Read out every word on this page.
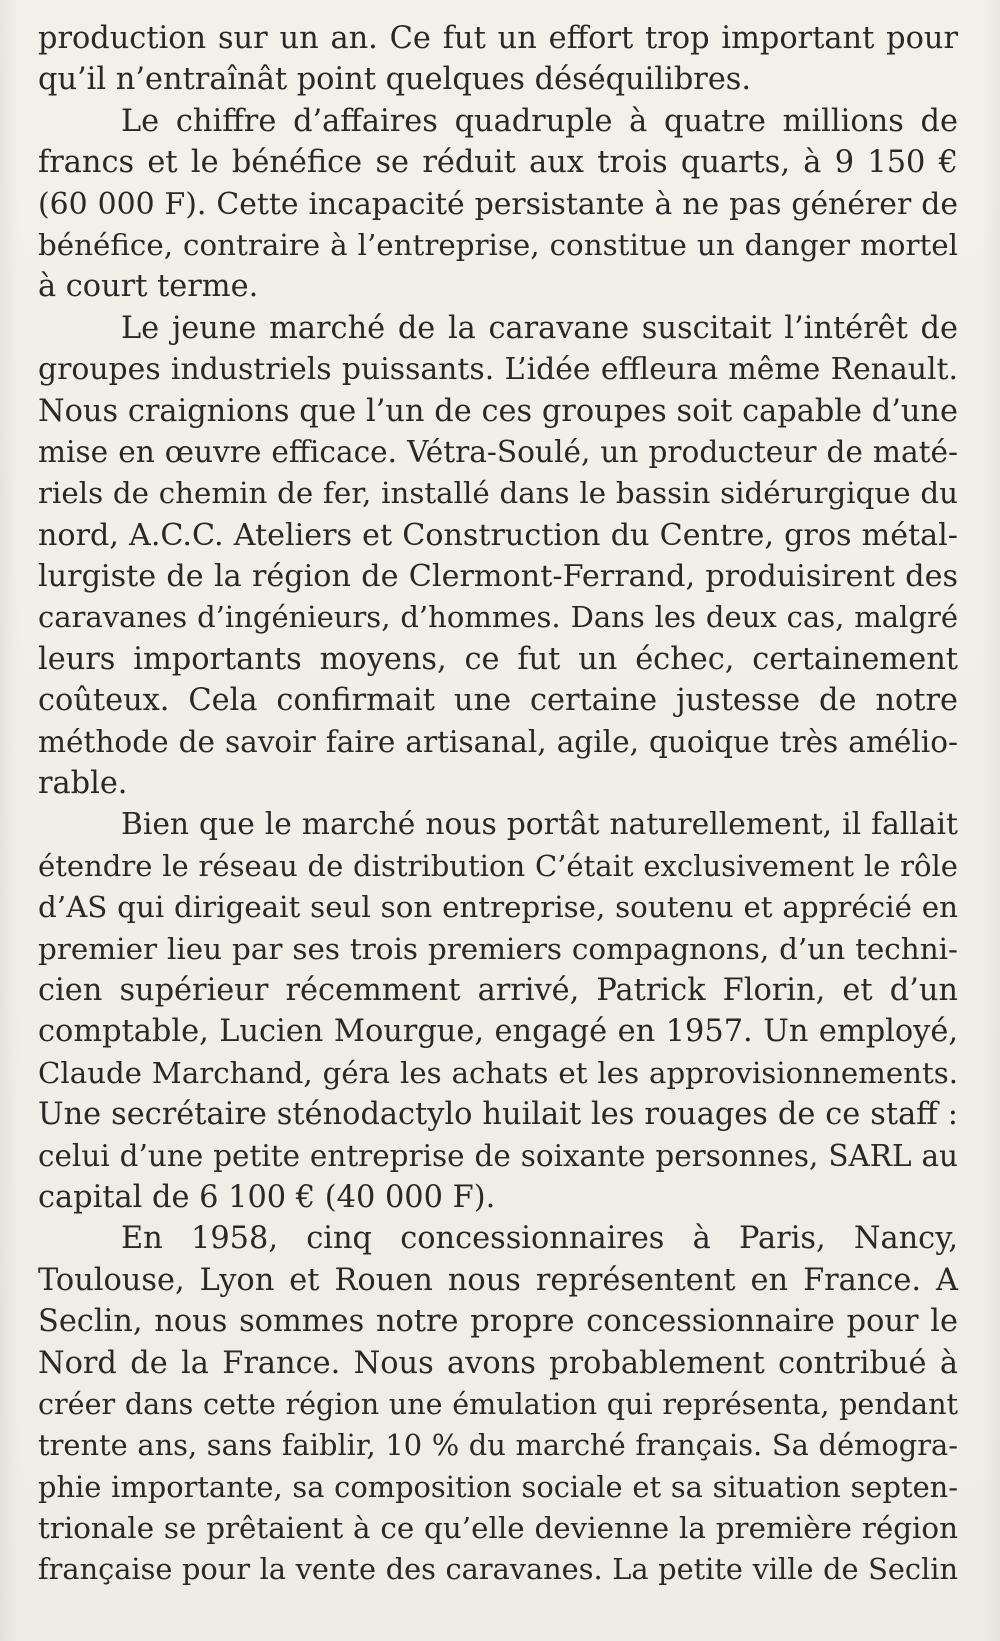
production sur un an. Ce fut un effort trop important pour

qu’il n’entraînât point quelques déséquilibres.

Le chiffre d’affaires quadruple à quatre millions de

francs et le bénéfice se réduit aux trois quarts, à 9 150 €

(60 000 F). Cette incapacité persistante à ne pas générer de

bénéfice, contraire à l’entreprise, constitue un danger mortel

à court terme.

Le jeune marché de la caravane suscitait l’intérêt de

groupes industriels puissants. L’idée effleura même Renault.

Nous craignions que l’un de ces groupes soit capable d’une

mise en œuvre efficace. Vétra-Soulé, un producteur de maté-

riels de chemin de fer, installé dans le bassin sidérurgique du

nord, A.C.C. Ateliers et Construction du Centre, gros métal-

lurgiste de la région de Clermont-Ferrand, produisirent des

caravanes d’ingénieurs, d’hommes. Dans les deux cas, malgré

leurs importants moyens, ce fut un échec, certainement

coûteux. Cela confirmait une certaine justesse de notre

méthode de savoir faire artisanal, agile, quoique très amélio-

rable.

Bien que le marché nous portât naturellement, il fallait

étendre le réseau de distribution C’était exclusivement le rôle

d’AS qui dirigeait seul son entreprise, soutenu et apprécié en

premier lieu par ses trois premiers compagnons, d’un techni-

cien supérieur récemment arrivé, Patrick Florin, et d’un

comptable, Lucien Mourgue, engagé en 1957. Un employé,

Claude Marchand, géra les achats et les approvisionnements.

Une secrétaire sténodactylo huilait les rouages de ce staff :

celui d’une petite entreprise de soixante personnes, SARL au

capital de 6 100 € (40 000 F).

En 1958, cinq concessionnaires à Paris, Nancy,

Toulouse, Lyon et Rouen nous représentent en France. A

Seclin, nous sommes notre propre concessionnaire pour le

Nord de la France. Nous avons probablement contribué à

créer dans cette région une émulation qui représenta, pendant

trente ans, sans faiblir, 10 % du marché français. Sa démogra-

phie importante, sa composition sociale et sa situation septen-

trionale se prêtaient à ce qu’elle devienne la première région

française pour la vente des caravanes. La petite ville de Seclin
